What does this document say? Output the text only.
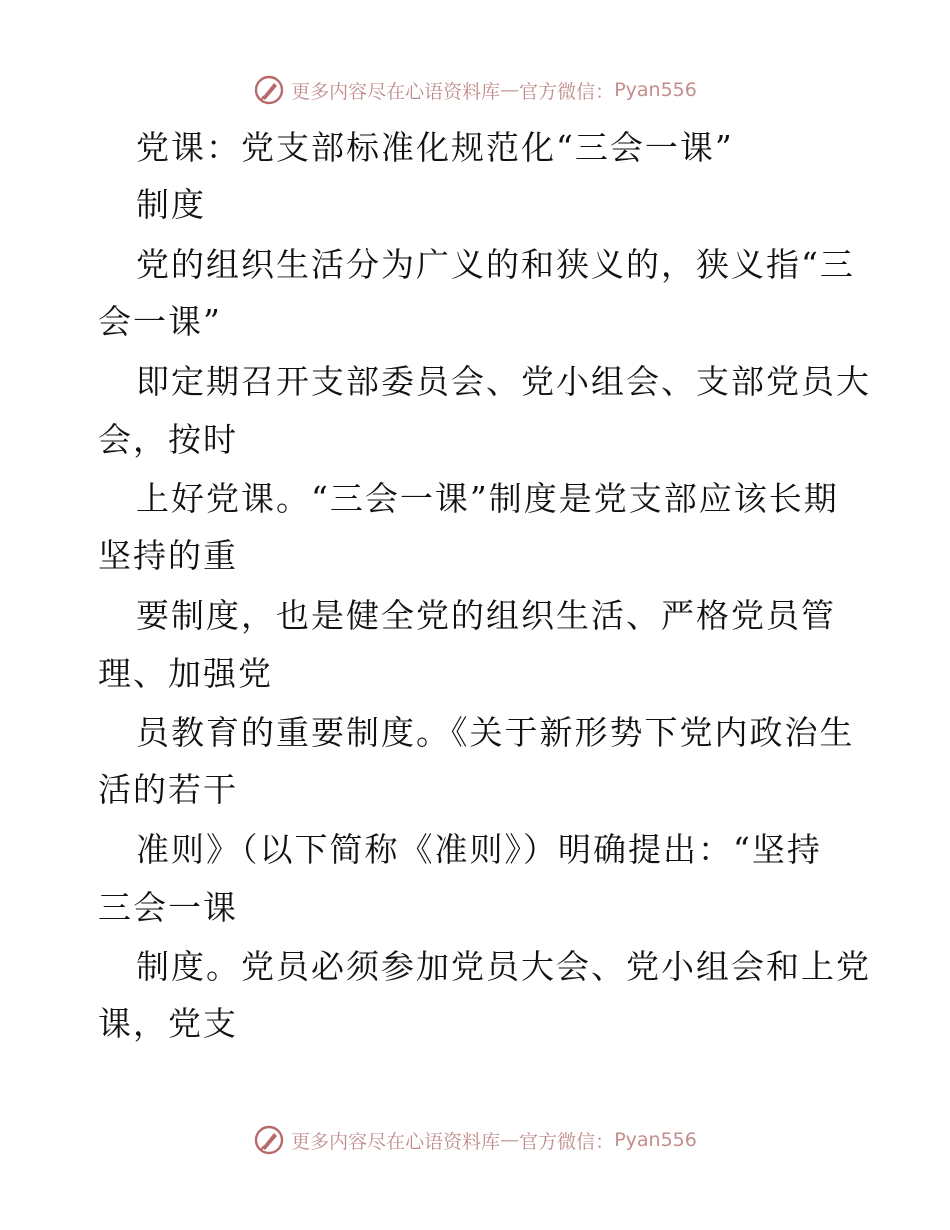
更多内容尽在心语资料库 — 官方微信： Pyan556
党课：党支部标准化规范化“三会一课”
制度
党的组织生活分为广义的和狭义的，狭义指“三
会一课”
即定期召开支部委员会、党小组会、支部党员大
会，按时
上好党课。“三会一课”制度是党支部应该长期
坚持的重
要制度，也是健全党的组织生活、严格党员管
理、加强党
员教育的重要制度。《关于新形势下党内政治生
活的若干
准则》（以下简称《准则》）明确提出：“坚持
三会一课
制度。党员必须参加党员大会、党小组会和上党
课，党支
更多内容尽在心语资料库 — 官方微信： Pyan556
